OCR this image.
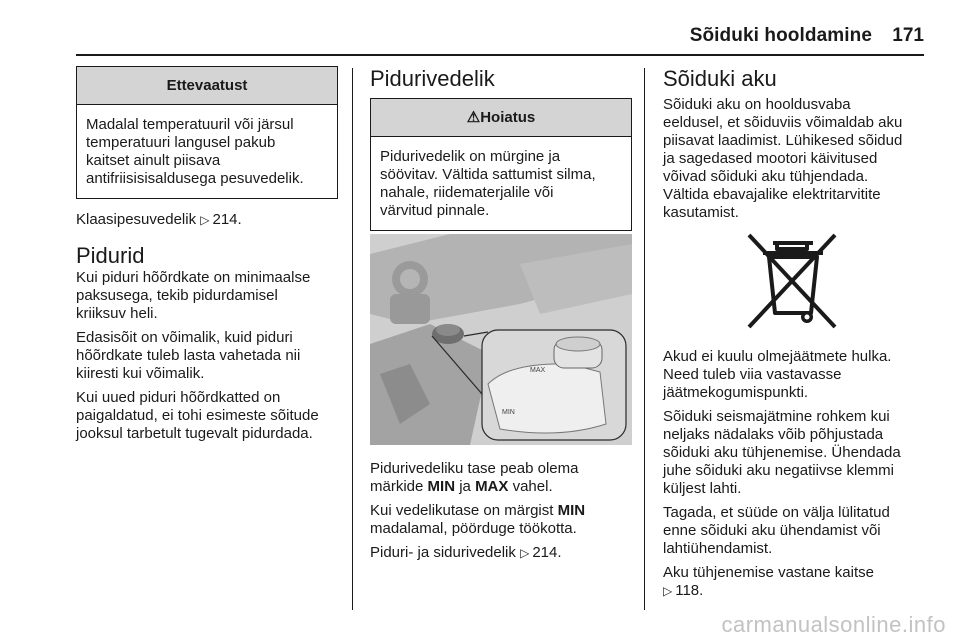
Sõiduki hooldamine 171
Ettevaatust
Madalal temperatuuril või järsul
temperatuuri langusel pakub
kaitset ainult piisava
antifriisisisaldusega pesuvedelik.

Klaasipesuvedelik ▷ 214.

Pidurid

Kui piduri hõõrdkate on minimaalse
paksusega, tekib pidurdamisel
kriiksuv heli.

Edasisõit on võimalik, kuid piduri
hõõrdkate tuleb lasta vahetada nii
kiiresti kui võimalik.

Kui uued piduri hõõrdkatted on
paigaldatud, ei tohi esimeste sõitude
jooksul tarbetult tugevalt pidurdada.

Pidurivedelik
⚠Hoiatus
Pidurivedelik on mürgine ja
söövitav. Vältida sattumist silma,
nahale, riidematerjalile või
värvitud pinnale.
MAX
MIN

Pidurivedeliku tase peab olema
märkide MIN ja MAX vahel.

Kui vedelikutase on märgist MIN
madalamal, pöörduge töökotta.

Piduri- ja sidurivedelik ▷ 214.

Sõiduki aku

Sõiduki aku on hooldusvaba
eeldusel, et sõiduviis võimaldab aku
piisavat laadimist. Lühikesed sõidud
ja sagedased mootori käivitused
võivad sõiduki aku tühjendada.
Vältida ebavajalike elektritarvitite
kasutamist.

Akud ei kuulu olmejäätmete hulka.
Need tuleb viia vastavasse
jäätmekogumispunkti.

Sõiduki seismajätmine rohkem kui
neljaks nädalaks võib põhjustada
sõiduki aku tühjenemise. Ühendada
juhe sõiduki aku negatiivse klemmi
küljest lahti.

Tagada, et süüde on välja lülitatud
enne sõiduki aku ühendamist või
lahtiühendamist.

Aku tühjenemise vastane kaitse
▷ 118.

carmanualsonline.info
